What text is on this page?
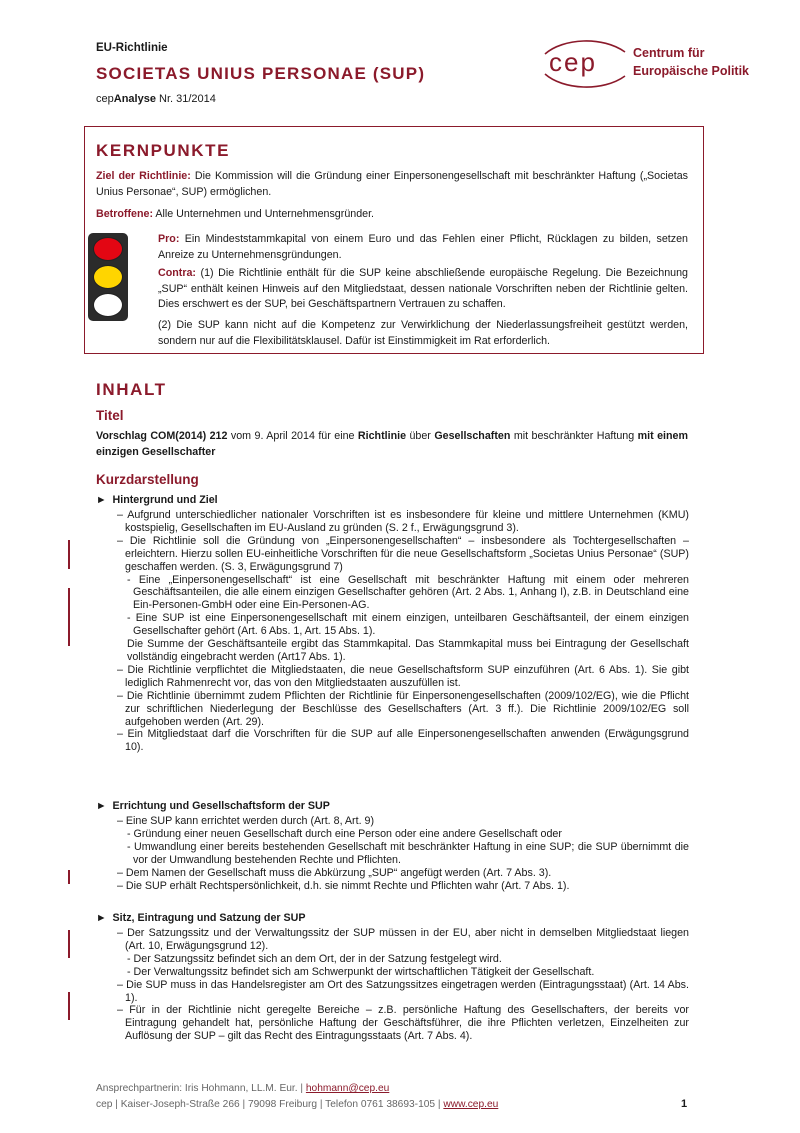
EU-Richtlinie
SOCIETAS UNIUS PERSONAE (SUP)
cepAnalyse Nr. 31/2014
cep	Centrum für
Europäische Politik
KERNPUNKTE
Ziel der Richtlinie: Die Kommission will die Gründung einer Einpersonengesellschaft mit beschränkter Haftung („Societas Unius Personae“, SUP) ermöglichen.
Betroffene: Alle Unternehmen und Unternehmensgründer.
Pro: Ein Mindeststammkapital von einem Euro und das Fehlen einer Pflicht, Rücklagen zu bilden, setzen Anreize zu Unternehmensgründungen.
Contra: (1) Die Richtlinie enthält für die SUP keine abschließende europäische Regelung. Die Bezeichnung „SUP“ enthält keinen Hinweis auf den Mitgliedstaat, dessen nationale Vorschriften neben der Richtlinie gelten. Dies erschwert es der SUP, bei Geschäftspartnern Vertrauen zu schaffen.
(2) Die SUP kann nicht auf die Kompetenz zur Verwirklichung der Niederlassungsfreiheit gestützt werden, sondern nur auf die Flexibilitätsklausel. Dafür ist Einstimmigkeit im Rat erforderlich.
INHALT
Titel
Vorschlag COM(2014) 212 vom 9. April 2014 für eine Richtlinie über Gesellschaften mit beschränkter Haftung mit einem einzigen Gesellschafter
Kurzdarstellung
►  Hintergrund und Ziel
– Aufgrund unterschiedlicher nationaler Vorschriften ist es insbesondere für kleine und mittlere Unternehmen (KMU) kostspielig, Gesellschaften im EU-Ausland zu gründen (S. 2 f., Erwägungsgrund 3).
– Die Richtlinie soll die Gründung von „Einpersonengesellschaften“ – insbesondere als Tochtergesellschaften – erleichtern. Hierzu sollen EU-einheitliche Vorschriften für die neue Gesellschaftsform „Societas Unius Personae“ (SUP) geschaffen werden. (S. 3, Erwägungsgrund 7)
- Eine „Einpersonengesellschaft“ ist eine Gesellschaft mit beschränkter Haftung mit einem oder mehreren Geschäftsanteilen, die alle einem einzigen Gesellschafter gehören (Art. 2 Abs. 1, Anhang I), z.B. in Deutschland eine Ein-Personen-GmbH oder eine Ein-Personen-AG.
- Eine SUP ist eine Einpersonengesellschaft mit einem einzigen, unteilbaren Geschäftsanteil, der einem einzigen Gesellschafter gehört (Art. 6 Abs. 1, Art. 15 Abs. 1).
Die Summe der Geschäftsanteile ergibt das Stammkapital. Das Stammkapital muss bei Eintragung der Gesellschaft vollständig eingebracht werden (Art17 Abs. 1).
– Die Richtlinie verpflichtet die Mitgliedstaaten, die neue Gesellschaftsform SUP einzuführen (Art. 6 Abs. 1). Sie gibt lediglich Rahmenrecht vor, das von den Mitgliedstaaten auszufüllen ist.
– Die Richtlinie übernimmt zudem Pflichten der Richtlinie für Einpersonengesellschaften (2009/102/EG), wie die Pflicht zur schriftlichen Niederlegung der Beschlüsse des Gesellschafters (Art. 3 ff.). Die Richtlinie 2009/102/EG soll aufgehoben werden (Art. 29).
– Ein Mitgliedstaat darf die Vorschriften für die SUP auf alle Einpersonengesellschaften anwenden (Erwägungsgrund 10).
►  Errichtung und Gesellschaftsform der SUP
– Eine SUP kann errichtet werden durch (Art. 8, Art. 9)
- Gründung einer neuen Gesellschaft durch eine Person oder eine andere Gesellschaft oder
- Umwandlung einer bereits bestehenden Gesellschaft mit beschränkter Haftung in eine SUP; die SUP übernimmt die vor der Umwandlung bestehenden Rechte und Pflichten.
– Dem Namen der Gesellschaft muss die Abkürzung „SUP“ angefügt werden (Art. 7 Abs. 3).
– Die SUP erhält Rechtspersönlichkeit, d.h. sie nimmt Rechte und Pflichten wahr (Art. 7 Abs. 1).
►  Sitz, Eintragung und Satzung der SUP
– Der Satzungssitz und der Verwaltungssitz der SUP müssen in der EU, aber nicht in demselben Mitgliedstaat liegen (Art. 10, Erwägungsgrund 12).
- Der Satzungssitz befindet sich an dem Ort, der in der Satzung festgelegt wird.
- Der Verwaltungssitz befindet sich am Schwerpunkt der wirtschaftlichen Tätigkeit der Gesellschaft.
– Die SUP muss in das Handelsregister am Ort des Satzungssitzes eingetragen werden (Eintragungsstaat) (Art. 14 Abs. 1).
– Für in der Richtlinie nicht geregelte Bereiche – z.B. persönliche Haftung des Gesellschafters, der bereits vor Eintragung gehandelt hat, persönliche Haftung der Geschäftsführer, die ihre Pflichten verletzen, Einzelheiten zur Auflösung der SUP – gilt das Recht des Eintragungsstaats (Art. 7 Abs. 4).
Ansprechpartnerin: Iris Hohmann, LL.M. Eur. | hohmann@cep.eu
cep | Kaiser-Joseph-Straße 266 | 79098 Freiburg | Telefon 0761 38693-105 | www.cep.eu	1
